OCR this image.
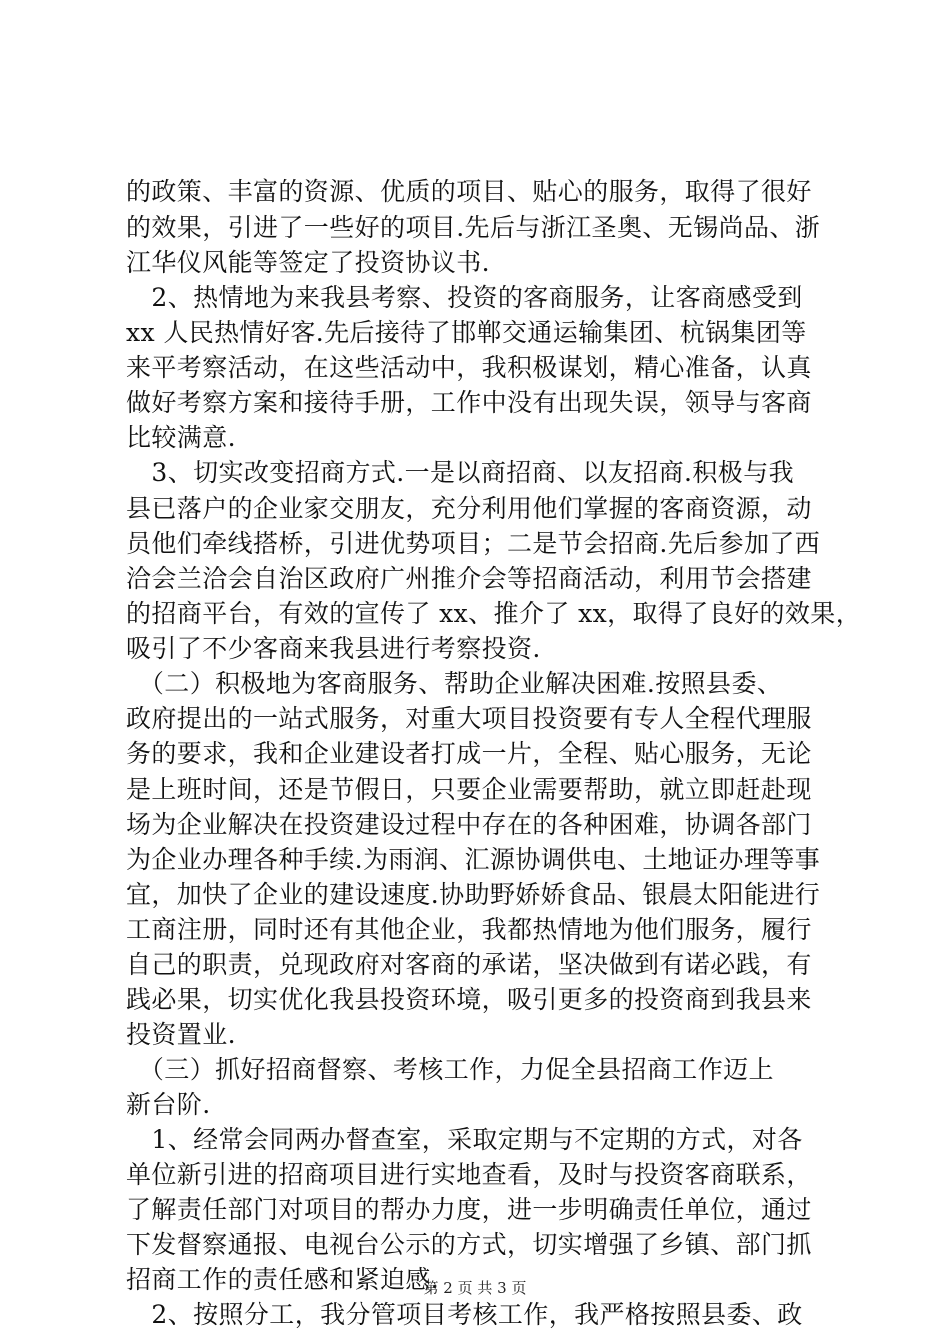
的政策、丰富的资源、优质的项目、贴心的服务，取得了很好
的效果，引进了一些好的项目.先后与浙江圣奥、无锡尚品、浙
江华仪风能等签定了投资协议书.
　2、热情地为来我县考察、投资的客商服务，让客商感受到
xx 人民热情好客.先后接待了邯郸交通运输集团、杭锅集团等
来平考察活动，在这些活动中，我积极谋划，精心准备，认真
做好考察方案和接待手册，工作中没有出现失误，领导与客商
比较满意.
　3、切实改变招商方式.一是以商招商、以友招商.积极与我
县已落户的企业家交朋友，充分利用他们掌握的客商资源，动
员他们牵线搭桥，引进优势项目；二是节会招商.先后参加了西
洽会兰洽会自治区政府广州推介会等招商活动，利用节会搭建
的招商平台，有效的宣传了 xx、推介了 xx，取得了良好的效果，
吸引了不少客商来我县进行考察投资.
　（二）积极地为客商服务、帮助企业解决困难.按照县委、
政府提出的一站式服务，对重大项目投资要有专人全程代理服
务的要求，我和企业建设者打成一片，全程、贴心服务，无论
是上班时间，还是节假日，只要企业需要帮助，就立即赶赴现
场为企业解决在投资建设过程中存在的各种困难，协调各部门
为企业办理各种手续.为雨润、汇源协调供电、土地证办理等事
宜，加快了企业的建设速度.协助野娇娇食品、银晨太阳能进行
工商注册，同时还有其他企业，我都热情地为他们服务，履行
自己的职责，兑现政府对客商的承诺，坚决做到有诺必践，有
践必果，切实优化我县投资环境，吸引更多的投资商到我县来
投资置业.
　（三）抓好招商督察、考核工作，力促全县招商工作迈上
新台阶.
　1、经常会同两办督查室，采取定期与不定期的方式，对各
单位新引进的招商项目进行实地查看，及时与投资客商联系，
了解责任部门对项目的帮办力度，进一步明确责任单位，通过
下发督察通报、电视台公示的方式，切实增强了乡镇、部门抓
招商工作的责任感和紧迫感.
　2、按照分工，我分管项目考核工作，我严格按照县委、政
第 2 页 共 3 页
